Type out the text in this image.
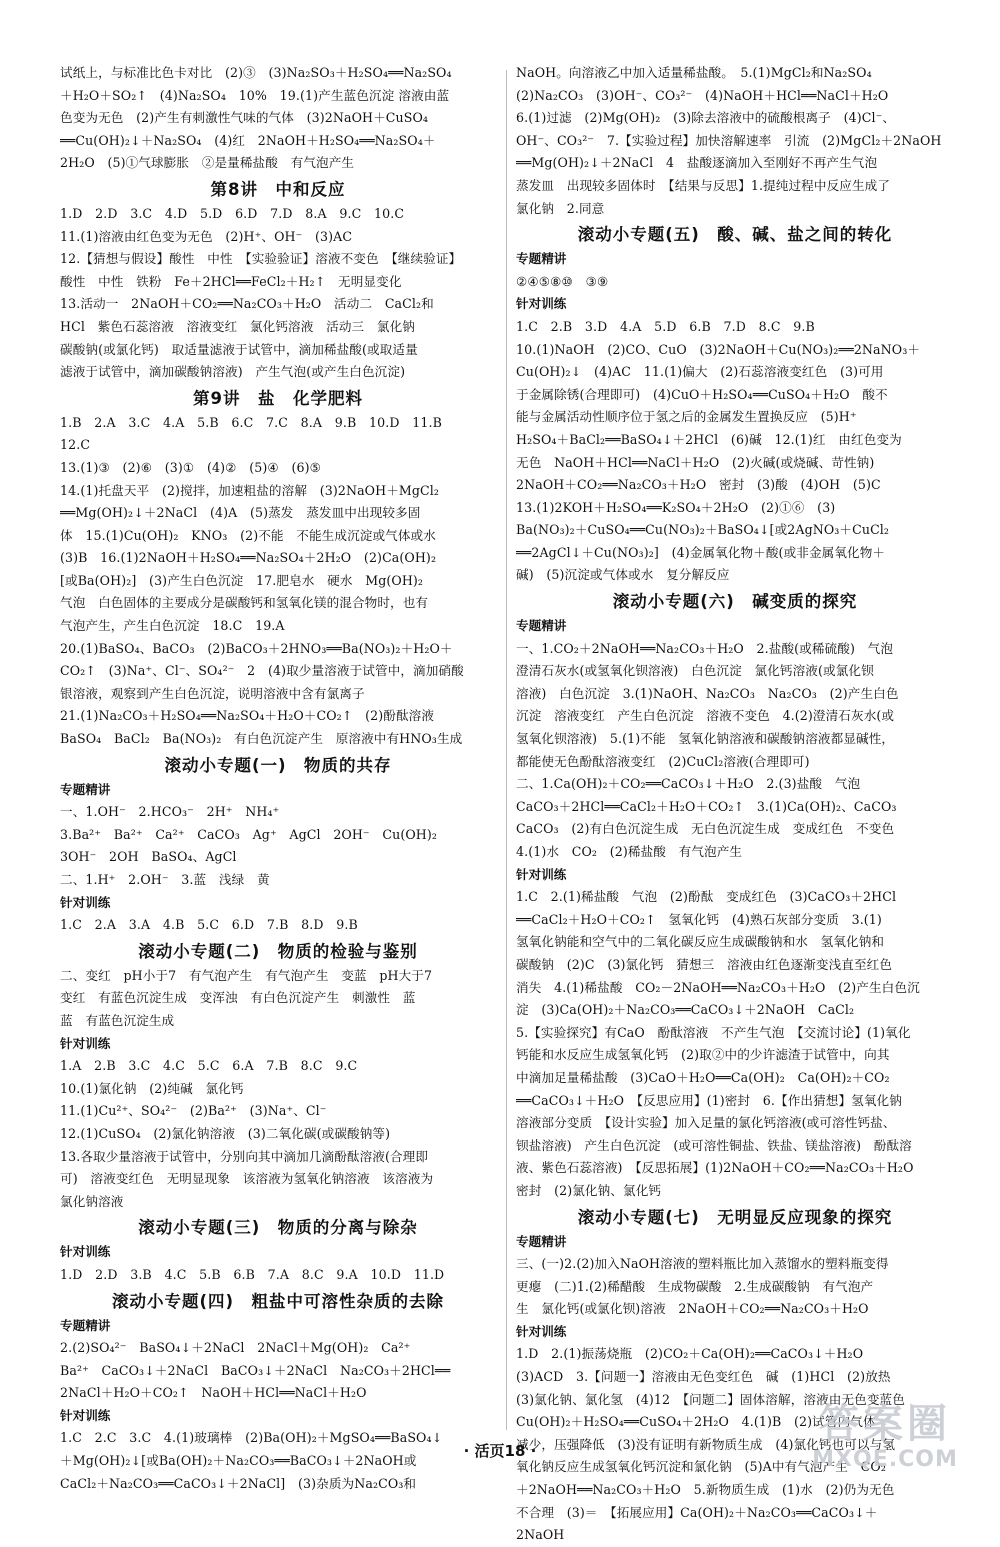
试纸上，与标准比色卡对比　(2)③　(3)Na₂SO₃＋H₂SO₄══Na₂SO₄

＋H₂O＋SO₂↑　(4)Na₂SO₄　10%　19.(1)产生蓝色沉淀 溶液由蓝

色变为无色　(2)产生有刺激性气味的气体　(3)2NaOH＋CuSO₄

══Cu(OH)₂↓＋Na₂SO₄　(4)红　2NaOH＋H₂SO₄══Na₂SO₄＋

2H₂O　(5)①气球膨胀　②是量稀盐酸　有气泡产生

第8讲　中和反应

1.D　2.D　3.C　4.D　5.D　6.D　7.D　8.A　9.C　10.C

11.(1)溶液由红色变为无色　(2)H⁺、OH⁻　(3)AC

12.【猜想与假设】酸性　中性　【实验验证】溶液不变色　【继续验证】

酸性　中性　铁粉　Fe＋2HCl══FeCl₂＋H₂↑　无明显变化

13.活动一　2NaOH＋CO₂══Na₂CO₃＋H₂O　活动二　CaCl₂和

HCl　紫色石蕊溶液　溶液变红　氯化钙溶液　活动三　氯化钠

碳酸钠(或氯化钙)　取适量滤液于试管中，滴加稀盐酸(或取适量

滤液于试管中，滴加碳酸钠溶液)　产生气泡(或产生白色沉淀)

第9讲　盐　化学肥料

1.B　2.A　3.C　4.A　5.B　6.C　7.C　8.A　9.B　10.D　11.B

12.C

13.(1)③　(2)⑥　(3)①　(4)②　(5)④　(6)⑤

14.(1)托盘天平　(2)搅拌，加速粗盐的溶解　(3)2NaOH＋MgCl₂

══Mg(OH)₂↓＋2NaCl　(4)A　(5)蒸发　蒸发皿中出现较多固

体　15.(1)Cu(OH)₂　KNO₃　(2)不能　不能生成沉淀或气体或水

(3)B　16.(1)2NaOH＋H₂SO₄══Na₂SO₄＋2H₂O　(2)Ca(OH)₂

[或Ba(OH)₂]　(3)产生白色沉淀　17.肥皂水　硬水　Mg(OH)₂

气泡　白色固体的主要成分是碳酸钙和氢氧化镁的混合物时，也有

气泡产生，产生白色沉淀　18.C　19.A

20.(1)BaSO₄、BaCO₃　(2)BaCO₃＋2HNO₃══Ba(NO₃)₂＋H₂O＋

CO₂↑　(3)Na⁺、Cl⁻、SO₄²⁻　2　(4)取少量溶液于试管中，滴加硝酸

银溶液，观察到产生白色沉淀，说明溶液中含有氯离子

21.(1)Na₂CO₃＋H₂SO₄══Na₂SO₄＋H₂O＋CO₂↑　(2)酚酞溶液

BaSO₄　BaCl₂　Ba(NO₃)₂　有白色沉淀产生　原溶液中有HNO₃生成

滚动小专题(一)　物质的共存
专题精讲

一、1.OH⁻　2.HCO₃⁻　2H⁺　NH₄⁺

3.Ba²⁺　Ba²⁺　Ca²⁺　CaCO₃　Ag⁺　AgCl　2OH⁻　Cu(OH)₂

3OH⁻　2OH　BaSO₄、AgCl

二、1.H⁺　2.OH⁻　3.蓝　浅绿　黄

针对训练

1.C　2.A　3.A　4.B　5.C　6.D　7.B　8.D　9.B

滚动小专题(二)　物质的检验与鉴别

二、变红　pH小于7　有气泡产生　有气泡产生　变蓝　pH大于7

变红　有蓝色沉淀生成　变浑浊　有白色沉淀产生　刺激性　蓝

蓝　有蓝色沉淀生成

针对训练

1.A　2.B　3.C　4.C　5.C　6.A　7.B　8.C　9.C

10.(1)氯化钠　(2)纯碱　氯化钙

11.(1)Cu²⁺、SO₄²⁻　(2)Ba²⁺　(3)Na⁺、Cl⁻

12.(1)CuSO₄　(2)氯化钠溶液　(3)二氧化碳(或碳酸钠等)

13.各取少量溶液于试管中，分别向其中滴加几滴酚酞溶液(合理即

可)　溶液变红色　无明显现象　该溶液为氢氧化钠溶液　该溶液为

氯化钠溶液

滚动小专题(三)　物质的分离与除杂
针对训练

1.D　2.D　3.B　4.C　5.B　6.B　7.A　8.C　9.A　10.D　11.D

滚动小专题(四)　粗盐中可溶性杂质的去除
专题精讲

2.(2)SO₄²⁻　BaSO₄↓＋2NaCl　2NaCl＋Mg(OH)₂　Ca²⁺

Ba²⁺　CaCO₃↓＋2NaCl　BaCO₃↓＋2NaCl　Na₂CO₃＋2HCl══

2NaCl＋H₂O＋CO₂↑　NaOH＋HCl══NaCl＋H₂O

针对训练

1.C　2.C　3.C　4.(1)玻璃棒　(2)Ba(OH)₂＋MgSO₄══BaSO₄↓

＋Mg(OH)₂↓[或Ba(OH)₂＋Na₂CO₃══BaCO₃↓＋2NaOH或

CaCl₂＋Na₂CO₃══CaCO₃↓＋2NaCl]　(3)杂质为Na₂CO₃和

NaOH。向溶液乙中加入适量稀盐酸。　5.(1)MgCl₂和Na₂SO₄

(2)Na₂CO₃　(3)OH⁻、CO₃²⁻　(4)NaOH＋HCl══NaCl＋H₂O

6.(1)过滤　(2)Mg(OH)₂　(3)除去溶液中的硫酸根离子　(4)Cl⁻、

OH⁻、CO₃²⁻　7.【实验过程】加快溶解速率　引流　(2)MgCl₂＋2NaOH

══Mg(OH)₂↓＋2NaCl　4　盐酸逐滴加入至刚好不再产生气泡

蒸发皿　出现较多固体时　【结果与反思】1.提纯过程中反应生成了

氯化钠　2.同意

滚动小专题(五)　酸、碱、盐之间的转化
专题精讲

②④⑤⑧⑩　③⑨

针对训练

1.C　2.B　3.D　4.A　5.D　6.B　7.D　8.C　9.B

10.(1)NaOH　(2)CO、CuO　(3)2NaOH＋Cu(NO₃)₂══2NaNO₃＋

Cu(OH)₂↓　(4)AC　11.(1)偏大　(2)石蕊溶液变红色　(3)可用

于金属除锈(合理即可)　(4)CuO＋H₂SO₄══CuSO₄＋H₂O　酸不

能与金属活动性顺序位于氢之后的金属发生置换反应　(5)H⁺

H₂SO₄＋BaCl₂══BaSO₄↓＋2HCl　(6)碱　12.(1)红　由红色变为

无色　NaOH＋HCl══NaCl＋H₂O　(2)火碱(或烧碱、苛性钠)

2NaOH＋CO₂══Na₂CO₃＋H₂O　密封　(3)酸　(4)OH　(5)C

13.(1)2KOH＋H₂SO₄══K₂SO₄＋2H₂O　(2)①⑥　(3)

Ba(NO₃)₂＋CuSO₄══Cu(NO₃)₂＋BaSO₄↓[或2AgNO₃＋CuCl₂

══2AgCl↓＋Cu(NO₃)₂]　(4)金属氧化物＋酸(或非金属氧化物＋

碱)　(5)沉淀或气体或水　复分解反应

滚动小专题(六)　碱变质的探究
专题精讲

一、1.CO₂＋2NaOH══Na₂CO₃＋H₂O　2.盐酸(或稀硫酸)　气泡

澄清石灰水(或氢氧化钡溶液)　白色沉淀　氯化钙溶液(或氯化钡

溶液)　白色沉淀　3.(1)NaOH、Na₂CO₃　Na₂CO₃　(2)产生白色

沉淀　溶液变红　产生白色沉淀　溶液不变色　4.(2)澄清石灰水(或

氢氧化钡溶液)　5.(1)不能　氢氧化钠溶液和碳酸钠溶液都显碱性，

都能使无色酚酞溶液变红　(2)CuCl₂溶液(合理即可)

二、1.Ca(OH)₂＋CO₂══CaCO₃↓＋H₂O　2.(3)盐酸　气泡

CaCO₃＋2HCl══CaCl₂＋H₂O＋CO₂↑　3.(1)Ca(OH)₂、CaCO₃

CaCO₃　(2)有白色沉淀生成　无白色沉淀生成　变成红色　不变色

4.(1)水　CO₂　(2)稀盐酸　有气泡产生

针对训练

1.C　2.(1)稀盐酸　气泡　(2)酚酞　变成红色　(3)CaCO₃＋2HCl

══CaCl₂＋H₂O＋CO₂↑　氢氧化钙　(4)熟石灰部分变质　3.(1)

氢氧化钠能和空气中的二氧化碳反应生成碳酸钠和水　氢氧化钠和

碳酸钠　(2)C　(3)氯化钙　猜想三　溶液由红色逐渐变浅直至红色

消失　4.(1)稀盐酸　CO₂－2NaOH══Na₂CO₃＋H₂O　(2)产生白色沉

淀　(3)Ca(OH)₂＋Na₂CO₃══CaCO₃↓＋2NaOH　CaCl₂

5.【实验探究】有CaO　酚酞溶液　不产生气泡　【交流讨论】(1)氧化

钙能和水反应生成氢氧化钙　(2)取②中的少许滤渣于试管中，向其

中滴加足量稀盐酸　(3)CaO＋H₂O══Ca(OH)₂　Ca(OH)₂＋CO₂

══CaCO₃↓＋H₂O　【反思应用】(1)密封　6.【作出猜想】氢氧化钠

溶液部分变质　【设计实验】加入足量的氯化钙溶液(或可溶性钙盐、

钡盐溶液)　产生白色沉淀　(或可溶性铜盐、铁盐、镁盐溶液)　酚酞溶

液、紫色石蕊溶液)　【反思拓展】(1)2NaOH＋CO₂══Na₂CO₃＋H₂O

密封　(2)氯化钠、氯化钙

滚动小专题(七)　无明显反应现象的探究
专题精讲

三、(一)2.(2)加入NaOH溶液的塑料瓶比加入蒸馏水的塑料瓶变得

更瘪　(二)1.(2)稀醋酸　生成物碳酸　2.生成碳酸钠　有气泡产

生　氯化钙(或氯化钡)溶液　2NaOH＋CO₂══Na₂CO₃＋H₂O

针对训练

1.D　2.(1)振荡烧瓶　(2)CO₂＋Ca(OH)₂══CaCO₃↓＋H₂O

(3)ACD　3.【问题一】溶液由无色变红色　碱　(1)HCl　(2)放热

(3)氯化钠、氯化氢　(4)12　【问题二】固体溶解，溶液由无色变蓝色

Cu(OH)₂＋H₂SO₄══CuSO₄＋2H₂O　4.(1)B　(2)试管内气体

减少，压强降低　(3)没有证明有新物质生成　(4)氯化钙也可以与氢

氧化钠反应生成氢氧化钙沉淀和氯化钠　(5)A中有气泡产生　CO₂

＋2NaOH══Na₂CO₃＋H₂O　5.新物质生成　(1)水　(2)仍为无色

不合理　(3)＝　【拓展应用】Ca(OH)₂＋Na₂CO₃══CaCO₃↓＋

2NaOH

· 活页18 ·
答案圈
MXQE.COM
